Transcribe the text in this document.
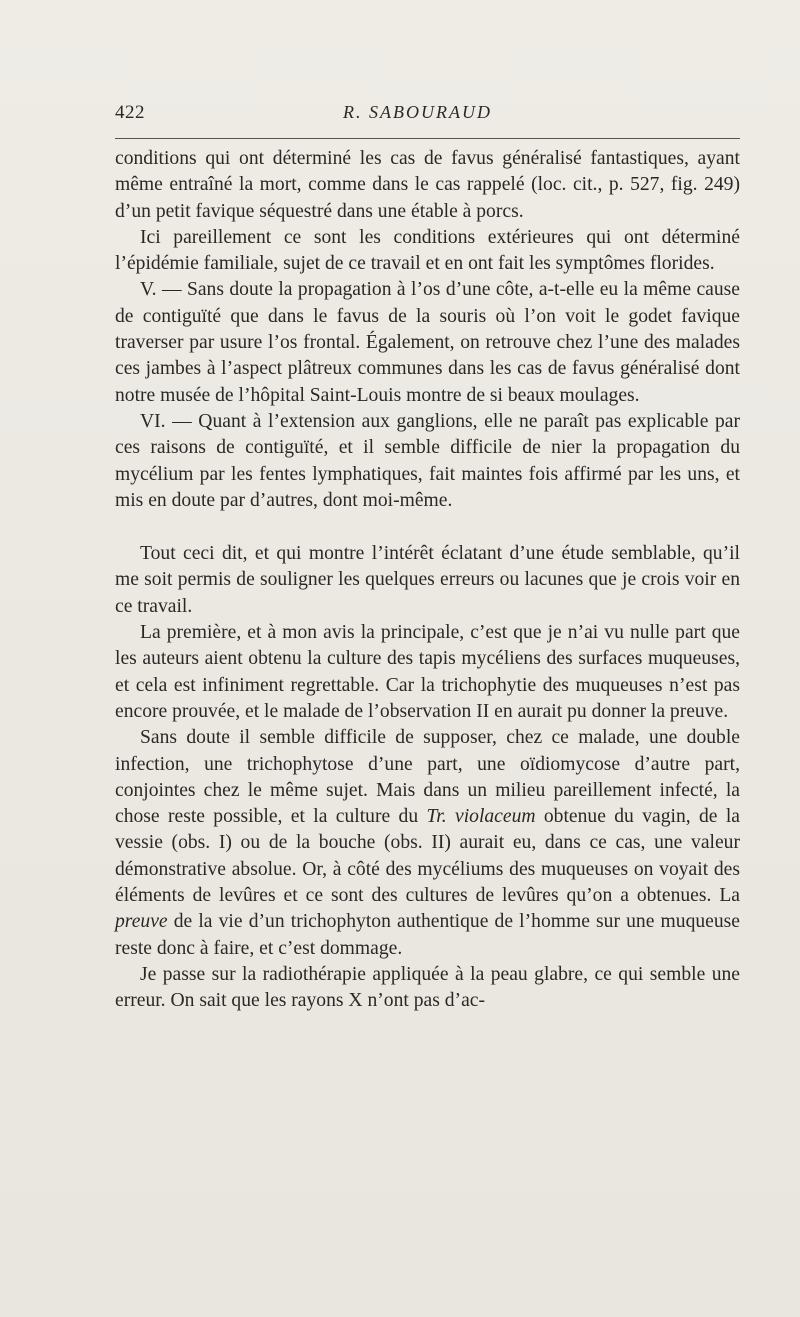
422	R. SABOURAUD

conditions qui ont déterminé les cas de favus généralisé fantastiques, ayant même entraîné la mort, comme dans le cas rappelé (loc. cit., p. 527, fig. 249) d’un petit favique séquestré dans une étable à porcs.

Ici pareillement ce sont les conditions extérieures qui ont déterminé l’épidémie familiale, sujet de ce travail et en ont fait les symptômes florides.

V. — Sans doute la propagation à l’os d’une côte, a-t-elle eu la même cause de contiguïté que dans le favus de la souris où l’on voit le godet favique traverser par usure l’os frontal. Également, on retrouve chez l’une des malades ces jambes à l’aspect plâtreux communes dans les cas de favus généralisé dont notre musée de l’hôpital Saint-Louis montre de si beaux moulages.

VI. — Quant à l’extension aux ganglions, elle ne paraît pas explicable par ces raisons de contiguïté, et il semble difficile de nier la propagation du mycélium par les fentes lymphatiques, fait maintes fois affirmé par les uns, et mis en doute par d’autres, dont moi-même.

Tout ceci dit, et qui montre l’intérêt éclatant d’une étude semblable, qu’il me soit permis de souligner les quelques erreurs ou lacunes que je crois voir en ce travail.

La première, et à mon avis la principale, c’est que je n’ai vu nulle part que les auteurs aient obtenu la culture des tapis mycéliens des surfaces muqueuses, et cela est infiniment regrettable. Car la trichophytie des muqueuses n’est pas encore prouvée, et le malade de l’observation II en aurait pu donner la preuve.

Sans doute il semble difficile de supposer, chez ce malade, une double infection, une trichophytose d’une part, une oïdiomycose d’autre part, conjointes chez le même sujet. Mais dans un milieu pareillement infecté, la chose reste possible, et la culture du Tr. violaceum obtenue du vagin, de la vessie (obs. I) ou de la bouche (obs. II) aurait eu, dans ce cas, une valeur démonstrative absolue. Or, à côté des mycéliums des muqueuses on voyait des éléments de levûres et ce sont des cultures de levûres qu’on a obtenues. La preuve de la vie d’un trichophyton authentique de l’homme sur une muqueuse reste donc à faire, et c’est dommage.

Je passe sur la radiothérapie appliquée à la peau glabre, ce qui semble une erreur. On sait que les rayons X n’ont pas d’ac-
